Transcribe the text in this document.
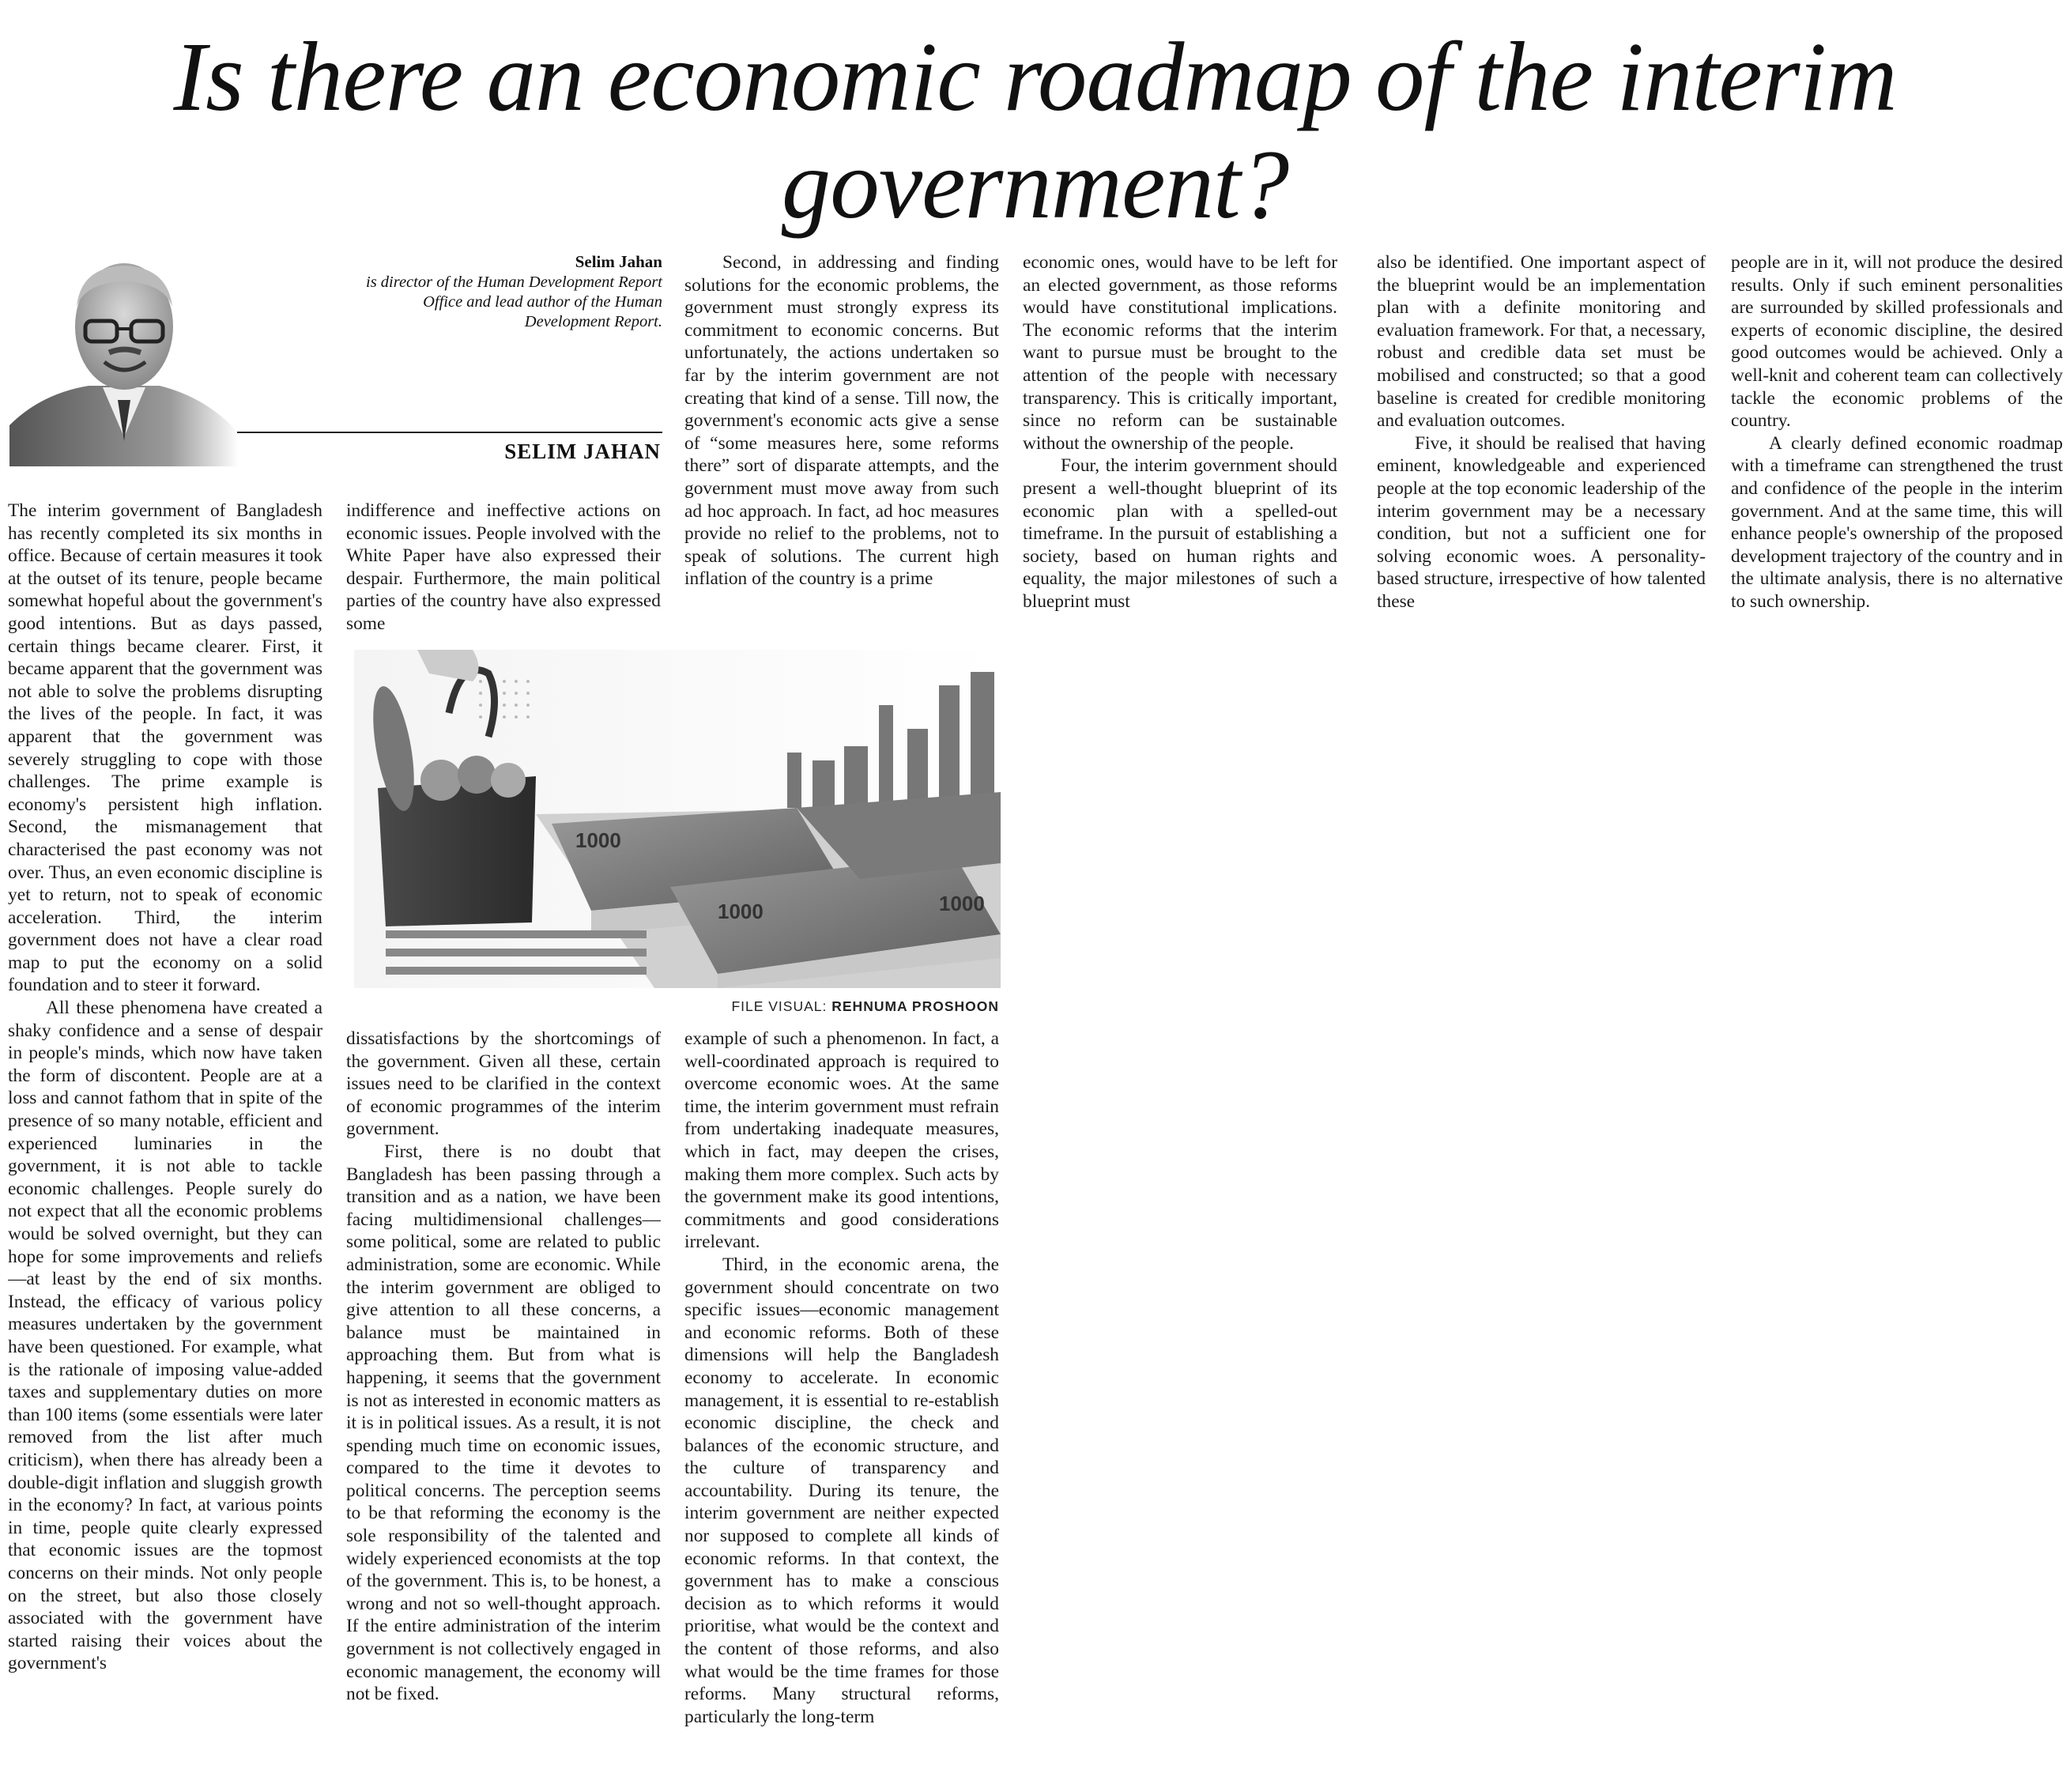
Is there an economic roadmap of the interim government?
Selim Jahan
is director of the Human Development Report Office and lead author of the Human Development Report.
SELIM JAHAN

The interim government of Bangladesh has recently completed its six months in office. Because of certain measures it took at the outset of its tenure, people became somewhat hopeful about the government's good intentions. But as days passed, certain things became clearer. First, it became apparent that the government was not able to solve the problems disrupting the lives of the people. In fact, it was apparent that the government was severely struggling to cope with those challenges. The prime example is economy's persistent high inflation. Second, the mismanagement that characterised the past economy was not over. Thus, an even economic discipline is yet to return, not to speak of economic acceleration. Third, the interim government does not have a clear road map to put the economy on a solid foundation and to steer it forward.

All these phenomena have created a shaky confidence and a sense of despair in people's minds, which now have taken the form of discontent. People are at a loss and cannot fathom that in spite of the presence of so many notable, efficient and experienced luminaries in the government, it is not able to tackle economic challenges. People surely do not expect that all the economic problems would be solved overnight, but they can hope for some improvements and reliefs—at least by the end of six months. Instead, the efficacy of various policy measures undertaken by the government have been questioned. For example, what is the rationale of imposing value-added taxes and supplementary duties on more than 100 items (some essentials were later removed from the list after much criticism), when there has already been a double-digit inflation and sluggish growth in the economy? In fact, at various points in time, people quite clearly expressed that economic issues are the topmost concerns on their minds. Not only people on the street, but also those closely associated with the government have started raising their voices about the government's

indifference and ineffective actions on economic issues. People involved with the White Paper have also expressed their despair. Furthermore, the main political parties of the country have also expressed some

Second, in addressing and finding solutions for the economic problems, the government must strongly express its commitment to economic concerns. But unfortunately, the actions undertaken so far by the interim government are not creating that kind of a sense. Till now, the government's economic acts give a sense of “some measures here, some reforms there” sort of disparate attempts, and the government must move away from such ad hoc approach. In fact, ad hoc measures provide no relief to the problems, not to speak of solutions. The current high inflation of the country is a prime

1000
1000	1000
FILE VISUAL: REHNUMA PROSHOON

dissatisfactions by the shortcomings of the government. Given all these, certain issues need to be clarified in the context of economic programmes of the interim government.

First, there is no doubt that Bangladesh has been passing through a transition and as a nation, we have been facing multidimensional challenges—some political, some are related to public administration, some are economic. While the interim government are obliged to give attention to all these concerns, a balance must be maintained in approaching them. But from what is happening, it seems that the government is not as interested in economic matters as it is in political issues. As a result, it is not spending much time on economic issues, compared to the time it devotes to political concerns. The perception seems to be that reforming the economy is the sole responsibility of the talented and widely experienced economists at the top of the government. This is, to be honest, a wrong and not so well-thought approach. If the entire administration of the interim government is not collectively engaged in economic management, the economy will not be fixed.

example of such a phenomenon. In fact, a well-coordinated approach is required to overcome economic woes. At the same time, the interim government must refrain from undertaking inadequate measures, which in fact, may deepen the crises, making them more complex. Such acts by the government make its good intentions, commitments and good considerations irrelevant.

Third, in the economic arena, the government should concentrate on two specific issues—economic management and economic reforms. Both of these dimensions will help the Bangladesh economy to accelerate. In economic management, it is essential to re-establish economic discipline, the check and balances of the economic structure, and the culture of transparency and accountability. During its tenure, the interim government are neither expected nor supposed to complete all kinds of economic reforms. In that context, the government has to make a conscious decision as to which reforms it would prioritise, what would be the context and the content of those reforms, and also what would be the time frames for those reforms. Many structural reforms, particularly the long-term

economic ones, would have to be left for an elected government, as those reforms would have constitutional implications. The economic reforms that the interim want to pursue must be brought to the attention of the people with necessary transparency. This is critically important, since no reform can be sustainable without the ownership of the people.

Four, the interim government should present a well-thought blueprint of its economic plan with a spelled-out timeframe. In the pursuit of establishing a society, based on human rights and equality, the major milestones of such a blueprint must

also be identified. One important aspect of the blueprint would be an implementation plan with a definite monitoring and evaluation framework. For that, a necessary, robust and credible data set must be mobilised and constructed; so that a good baseline is created for credible monitoring and evaluation outcomes.

Five, it should be realised that having eminent, knowledgeable and experienced people at the top economic leadership of the interim government may be a necessary condition, but not a sufficient one for solving economic woes. A personality-based structure, irrespective of how talented these

people are in it, will not produce the desired results. Only if such eminent personalities are surrounded by skilled professionals and experts of economic discipline, the desired good outcomes would be achieved. Only a well-knit and coherent team can collectively tackle the economic problems of the country.

A clearly defined economic roadmap with a timeframe can strengthened the trust and confidence of the people in the interim government. And at the same time, this will enhance people's ownership of the proposed development trajectory of the country and in the ultimate analysis, there is no alternative to such ownership.
